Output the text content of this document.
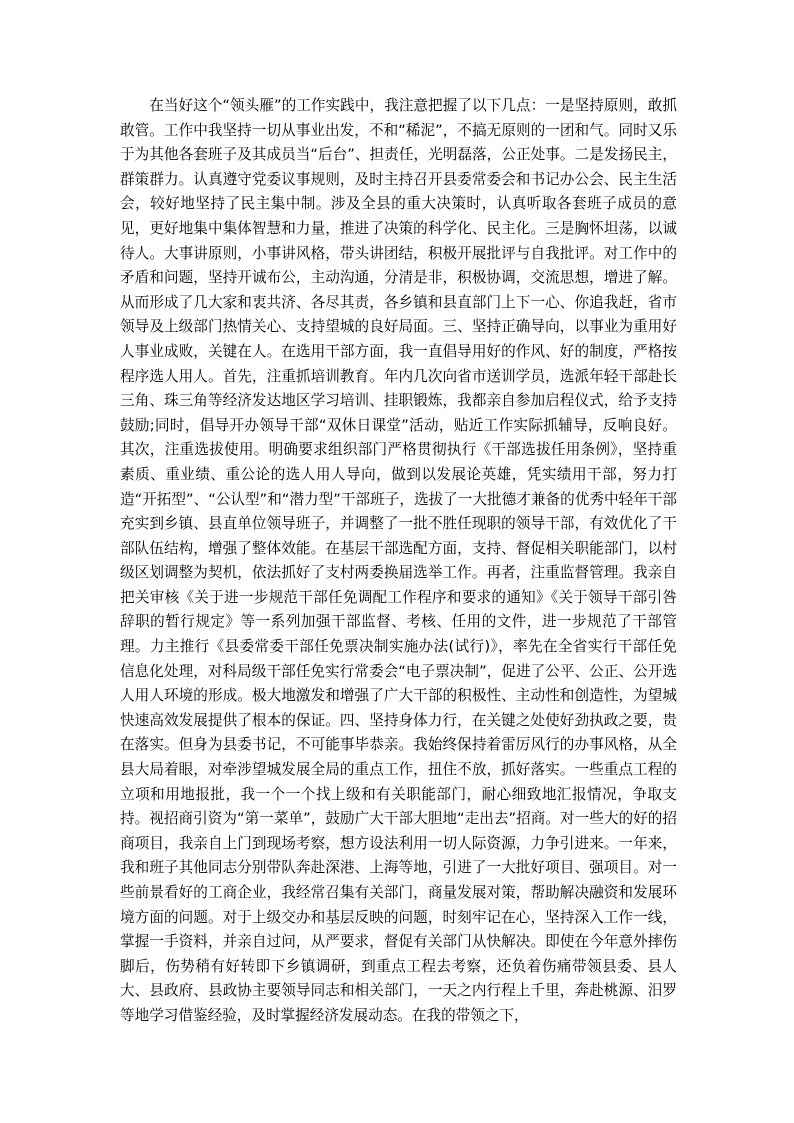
在当好这个“领头雁”的工作实践中，我注意把握了以下几点：一是坚持原则，敢抓敢管。工作中我坚持一切从事业出发，不和“稀泥”，不搞无原则的一团和气。同时又乐于为其他各套班子及其成员当“后台”、担责任，光明磊落，公正处事。二是发扬民主，群策群力。认真遵守党委议事规则，及时主持召开县委常委会和书记办公会、民主生活会，较好地坚持了民主集中制。涉及全县的重大决策时，认真听取各套班子成员的意见，更好地集中集体智慧和力量，推进了决策的科学化、民主化。三是胸怀坦荡，以诚待人。大事讲原则，小事讲风格，带头讲团结，积极开展批评与自我批评。对工作中的矛盾和问题，坚持开诚布公，主动沟通，分清是非，积极协调，交流思想，增进了解。从而形成了几大家和衷共济、各尽其责，各乡镇和县直部门上下一心、你追我赶，省市领导及上级部门热情关心、支持望城的良好局面。三、坚持正确导向，以事业为重用好人事业成败，关键在人。在选用干部方面，我一直倡导用好的作风、好的制度，严格按程序选人用人。首先，注重抓培训教育。年内几次向省市送训学员，选派年轻干部赴长三角、珠三角等经济发达地区学习培训、挂职锻炼，我都亲自参加启程仪式，给予支持鼓励;同时，倡导开办领导干部“双休日课堂”活动，贴近工作实际抓辅导，反响良好。其次，注重选拔使用。明确要求组织部门严格贯彻执行《干部选拔任用条例》，坚持重素质、重业绩、重公论的选人用人导向，做到以发展论英雄，凭实绩用干部，努力打造“开拓型”、“公认型”和“潜力型”干部班子，选拔了一大批德才兼备的优秀中轻年干部充实到乡镇、县直单位领导班子，并调整了一批不胜任现职的领导干部，有效优化了干部队伍结构，增强了整体效能。在基层干部选配方面，支持、督促相关职能部门，以村级区划调整为契机，依法抓好了支村两委换届选举工作。再者，注重监督管理。我亲自把关审核《关于进一步规范干部任免调配工作程序和要求的通知》《关于领导干部引咎辞职的暂行规定》等一系列加强干部监督、考核、任用的文件，进一步规范了干部管理。力主推行《县委常委干部任免票决制实施办法(试行)》，率先在全省实行干部任免信息化处理，对科局级干部任免实行常委会“电子票决制”，促进了公平、公正、公开选人用人环境的形成。极大地激发和增强了广大干部的积极性、主动性和创造性，为望城快速高效发展提供了根本的保证。四、坚持身体力行，在关键之处使好劲执政之要，贵在落实。但身为县委书记，不可能事毕恭亲。我始终保持着雷厉风行的办事风格，从全县大局着眼，对牵涉望城发展全局的重点工作，扭住不放，抓好落实。一些重点工程的立项和用地报批，我一个一个找上级和有关职能部门，耐心细致地汇报情况，争取支持。视招商引资为“第一菜单”，鼓励广大干部大胆地“走出去”招商。对一些大的好的招商项目，我亲自上门到现场考察，想方设法利用一切人际资源，力争引进来。一年来，我和班子其他同志分别带队奔赴深港、上海等地，引进了一大批好项目、强项目。对一些前景看好的工商企业，我经常召集有关部门，商量发展对策，帮助解决融资和发展环境方面的问题。对于上级交办和基层反映的问题，时刻牢记在心，坚持深入工作一线，掌握一手资料，并亲自过问，从严要求，督促有关部门从快解决。即使在今年意外摔伤脚后，伤势稍有好转即下乡镇调研，到重点工程去考察，还负着伤痛带领县委、县人大、县政府、县政协主要领导同志和相关部门，一天之内行程上千里，奔赴桃源、汨罗等地学习借鉴经验，及时掌握经济发展动态。在我的带领之下，
